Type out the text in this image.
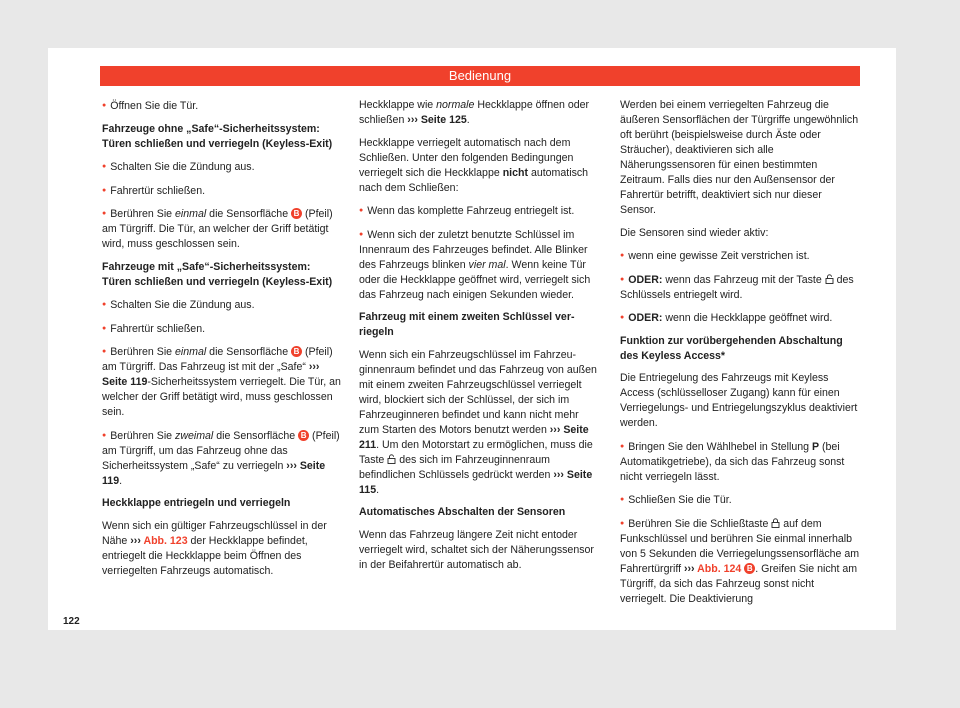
Bedienung

● Öffnen Sie die Tür.

Fahrzeuge ohne „Safe“-Sicherheitssystem: Türen schließen und verriegeln (Keyless-Exit)

● Schalten Sie die Zündung aus.

● Fahrertür schließen.

● Berühren Sie einmal die Sensorfläche B (Pfeil) am Türgriff. Die Tür, an welcher der Griff betätigt wird, muss geschlossen sein.

Fahrzeuge mit „Safe“-Sicherheitssystem: Türen schließen und verriegeln (Keyless-Exit)

● Schalten Sie die Zündung aus.

● Fahrertür schließen.

● Berühren Sie einmal die Sensorfläche B (Pfeil) am Türgriff. Das Fahrzeug ist mit der „Safe“ ››› Seite 119-Sicherheitssystem verriegelt. Die Tür, an welcher der Griff betätigt wird, muss geschlossen sein.

● Berühren Sie zweimal die Sensorfläche B (Pfeil) am Türgriff, um das Fahrzeug ohne das Sicherheitssystem „Safe“ zu verriegeln ››› Seite 119.

Heckklappe entriegeln und verriegeln

Wenn sich ein gültiger Fahrzeugschlüssel in der Nähe ››› Abb. 123 der Heckklappe befindet, entriegelt die Heckklappe beim Öffnen des verriegelten Fahrzeugs automatisch.

Heckklappe wie normale Heckklappe öffnen oder schließen ››› Seite 125.

Heckklappe verriegelt automatisch nach dem Schließen. Unter den folgenden Bedingungen verriegelt sich die Heckklappe nicht automatisch nach dem Schließen:

● Wenn das komplette Fahrzeug entriegelt ist.

● Wenn sich der zuletzt benutzte Schlüssel im Innenraum des Fahrzeuges befindet. Alle Blinker des Fahrzeugs blinken vier mal. Wenn keine Tür oder die Heckklappe geöffnet wird, verriegelt sich das Fahrzeug nach einigen Sekunden wieder.

Fahrzeug mit einem zweiten Schlüssel verriegeln

Wenn sich ein Fahrzeugschlüssel im Fahrzeuginnenraum befindet und das Fahrzeug von außen mit einem zweiten Fahrzeugschlüssel verriegelt wird, blockiert sich der Schlüssel, der sich im Fahrzeuginneren befindet und kann nicht mehr zum Starten des Motors benutzt werden ››› Seite 211. Um den Motorstart zu ermöglichen, muss die Taste  des sich im Fahrzeuginnenraum befindlichen Schlüssels gedrückt werden ››› Seite 115.

Automatisches Abschalten der Sensoren

Wenn das Fahrzeug längere Zeit nicht entoder verriegelt wird, schaltet sich der Näherungssensor in der Beifahrertür automatisch ab.

Werden bei einem verriegelten Fahrzeug die äußeren Sensorflächen der Türgriffe ungewöhnlich oft berührt (beispielsweise durch Äste oder Sträucher), deaktivieren sich alle Näherungssensoren für einen bestimmten Zeitraum. Falls dies nur den Außensensor der Fahrertür betrifft, deaktiviert sich nur dieser Sensor.

Die Sensoren sind wieder aktiv:

● wenn eine gewisse Zeit verstrichen ist.

● ODER: wenn das Fahrzeug mit der Taste  des Schlüssels entriegelt wird.

● ODER: wenn die Heckklappe geöffnet wird.

Funktion zur vorübergehenden Abschaltung des Keyless Access*

Die Entriegelung des Fahrzeugs mit Keyless Access (schlüsselloser Zugang) kann für einen Verriegelungs- und Entriegelungszyklus deaktiviert werden.

● Bringen Sie den Wählhebel in Stellung P (bei Automatikgetriebe), da sich das Fahrzeug sonst nicht verriegeln lässt.

● Schließen Sie die Tür.

● Berühren Sie die Schließtaste  auf dem Funkschlüssel und berühren Sie einmal innerhalb von 5 Sekunden die Verriegelungssensorfläche am Fahrertürgriff ››› Abb. 124 B . Greifen Sie nicht am Türgriff, da sich das Fahrzeug sonst nicht verriegelt. Die Deaktivierung

122
